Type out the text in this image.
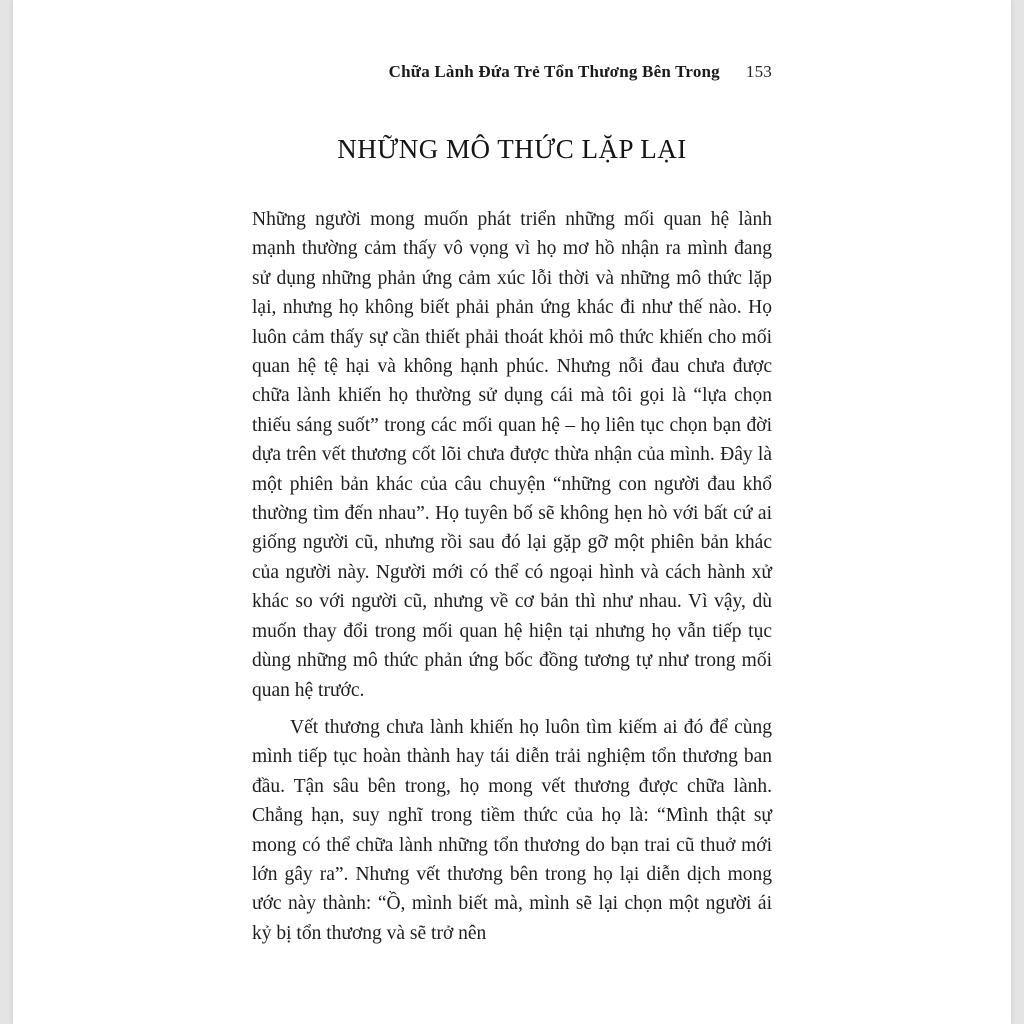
Chữa Lành Đứa Trẻ Tổn Thương Bên Trong 153
NHỮNG MÔ THỨC LẶP LẠI

Những người mong muốn phát triển những mối quan hệ lành mạnh thường cảm thấy vô vọng vì họ mơ hồ nhận ra mình đang sử dụng những phản ứng cảm xúc lỗi thời và những mô thức lặp lại, nhưng họ không biết phải phản ứng khác đi như thế nào. Họ luôn cảm thấy sự cần thiết phải thoát khỏi mô thức khiến cho mối quan hệ tệ hại và không hạnh phúc. Nhưng nỗi đau chưa được chữa lành khiến họ thường sử dụng cái mà tôi gọi là “lựa chọn thiếu sáng suốt” trong các mối quan hệ – họ liên tục chọn bạn đời dựa trên vết thương cốt lõi chưa được thừa nhận của mình. Đây là một phiên bản khác của câu chuyện “những con người đau khổ thường tìm đến nhau”. Họ tuyên bố sẽ không hẹn hò với bất cứ ai giống người cũ, nhưng rồi sau đó lại gặp gỡ một phiên bản khác của người này. Người mới có thể có ngoại hình và cách hành xử khác so với người cũ, nhưng về cơ bản thì như nhau. Vì vậy, dù muốn thay đổi trong mối quan hệ hiện tại nhưng họ vẫn tiếp tục dùng những mô thức phản ứng bốc đồng tương tự như trong mối quan hệ trước.

Vết thương chưa lành khiến họ luôn tìm kiếm ai đó để cùng mình tiếp tục hoàn thành hay tái diễn trải nghiệm tổn thương ban đầu. Tận sâu bên trong, họ mong vết thương được chữa lành. Chẳng hạn, suy nghĩ trong tiềm thức của họ là: “Mình thật sự mong có thể chữa lành những tổn thương do bạn trai cũ thuở mới lớn gây ra”. Nhưng vết thương bên trong họ lại diễn dịch mong ước này thành: “Ồ, mình biết mà, mình sẽ lại chọn một người ái kỷ bị tổn thương và sẽ trở nên
